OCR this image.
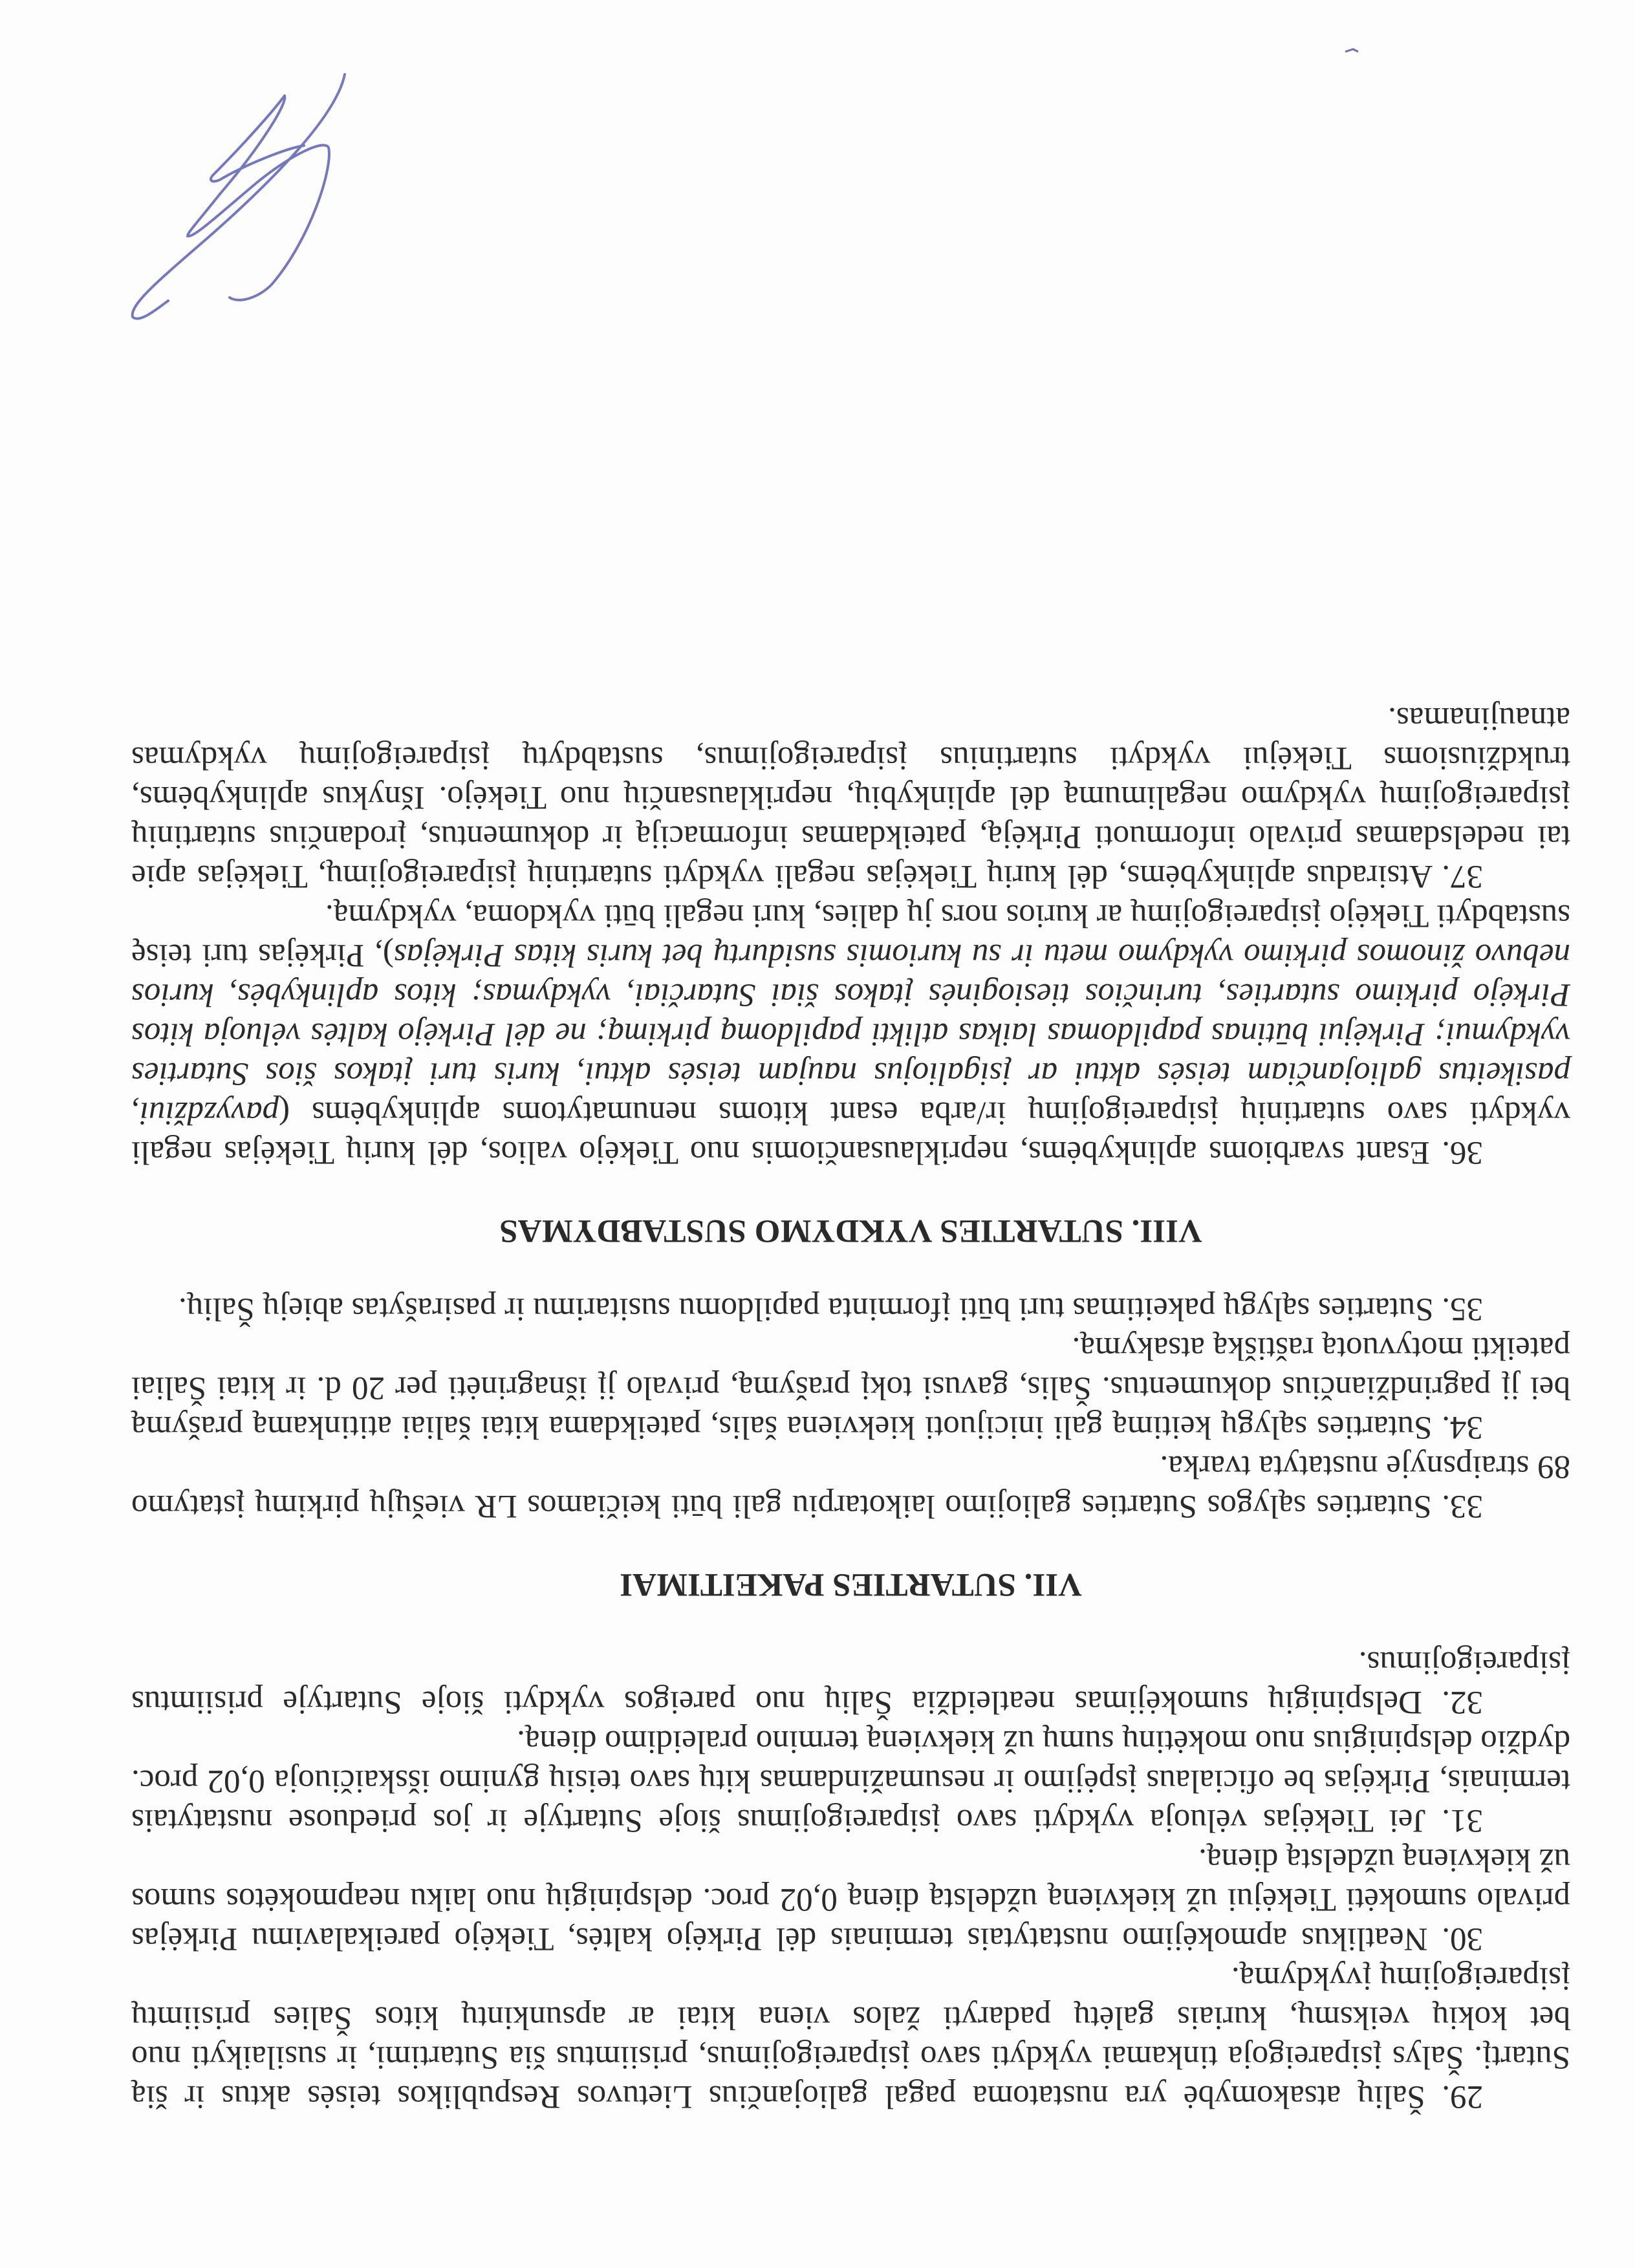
29. Šalių atsakomybė yra nustatoma pagal galiojančius Lietuvos Respublikos teisės aktus ir šią Sutartį. Šalys įsipareigoja tinkamai vykdyti savo įsipareigojimus, prisiimtus šia Sutartimi, ir susilaikyti nuo bet kokių veiksmų, kuriais galėtų padaryti žalos viena kitai ar apsunkintų kitos Šalies prisiimtų įsipareigojimų įvykdymą.

30. Neatlikus apmokėjimo nustatytais terminais dėl Pirkėjo kaltės, Tiekėjo pareikalavimu Pirkėjas privalo sumokėti Tiekėjui už kiekvieną uždelstą dieną 0,02 proc. delspinigių nuo laiku neapmokėtos sumos už kiekvieną uždelstą dieną.

31. Jei Tiekėjas vėluoja vykdyti savo įsipareigojimus šioje Sutartyje ir jos prieduose nustatytais terminais, Pirkėjas be oficialaus įspėjimo ir nesumažindamas kitų savo teisių gynimo išskaičiuoja 0,02 proc. dydžio delspinigius nuo mokėtinų sumų už kiekvieną termino praleidimo dieną.

32. Delspinigių sumokėjimas neatleidžia Šalių nuo pareigos vykdyti šioje Sutartyje prisiimtus įsipareigojimus.

VII. SUTARTIES PAKEITIMAI

33. Sutarties sąlygos Sutarties galiojimo laikotarpiu gali būti keičiamos LR viešųjų pirkimų įstatymo 89 straipsnyje nustatyta tvarka.

34. Sutarties sąlygų keitimą gali inicijuoti kiekviena šalis, pateikdama kitai šaliai atitinkamą prašymą bei jį pagrindžiančius dokumentus. Šalis, gavusi tokį prašymą, privalo jį išnagrinėti per 20 d. ir kitai Šaliai pateikti motyvuotą raštišką atsakymą.

35. Sutarties sąlygų pakeitimas turi būti įforminta papildomu susitarimu ir pasirašytas abiejų Šalių.

VIII. SUTARTIES VYKDYMO SUSTABDYMAS

36. Esant svarbioms aplinkybėms, nepriklausančiomis nuo Tiekėjo valios, dėl kurių Tiekėjas negali vykdyti savo sutartinių įsipareigojimų ir/arba esant kitoms nenumatytoms aplinkybėms (pavyzdžiui, pasikeitus galiojančiam teisės aktui ar įsigaliojus naujam teisės aktui, kuris turi įtakos šios Sutarties vykdymui; Pirkėjui būtinas papildomas laikas atlikti papildomą pirkimą; ne dėl Pirkėjo kaltės vėluoja kitos Pirkėjo pirkimo sutarties, turinčios tiesioginės įtakos šiai Sutarčiai, vykdymas; kitos aplinkybės, kurios nebuvo žinomos pirkimo vykdymo metu ir su kuriomis susidurtų bet kuris kitas Pirkėjas), Pirkėjas turi teisę sustabdyti Tiekėjo įsipareigojimų ar kurios nors jų dalies, kuri negali būti vykdoma, vykdymą.

37. Atsiradus aplinkybėms, dėl kurių Tiekėjas negali vykdyti sutartinių įsipareigojimų, Tiekėjas apie tai nedelsdamas privalo informuoti Pirkėją, pateikdamas informaciją ir dokumentus, įrodančius sutartinių įsipareigojimų vykdymo negalimumą dėl aplinkybių, nepriklausančių nuo Tiekėjo. Išnykus aplinkybėms, trukdžiusioms Tiekėjui vykdyti sutartinius įsipareigojimus, sustabdytų įsipareigojimų vykdymas atnaujinamas.
